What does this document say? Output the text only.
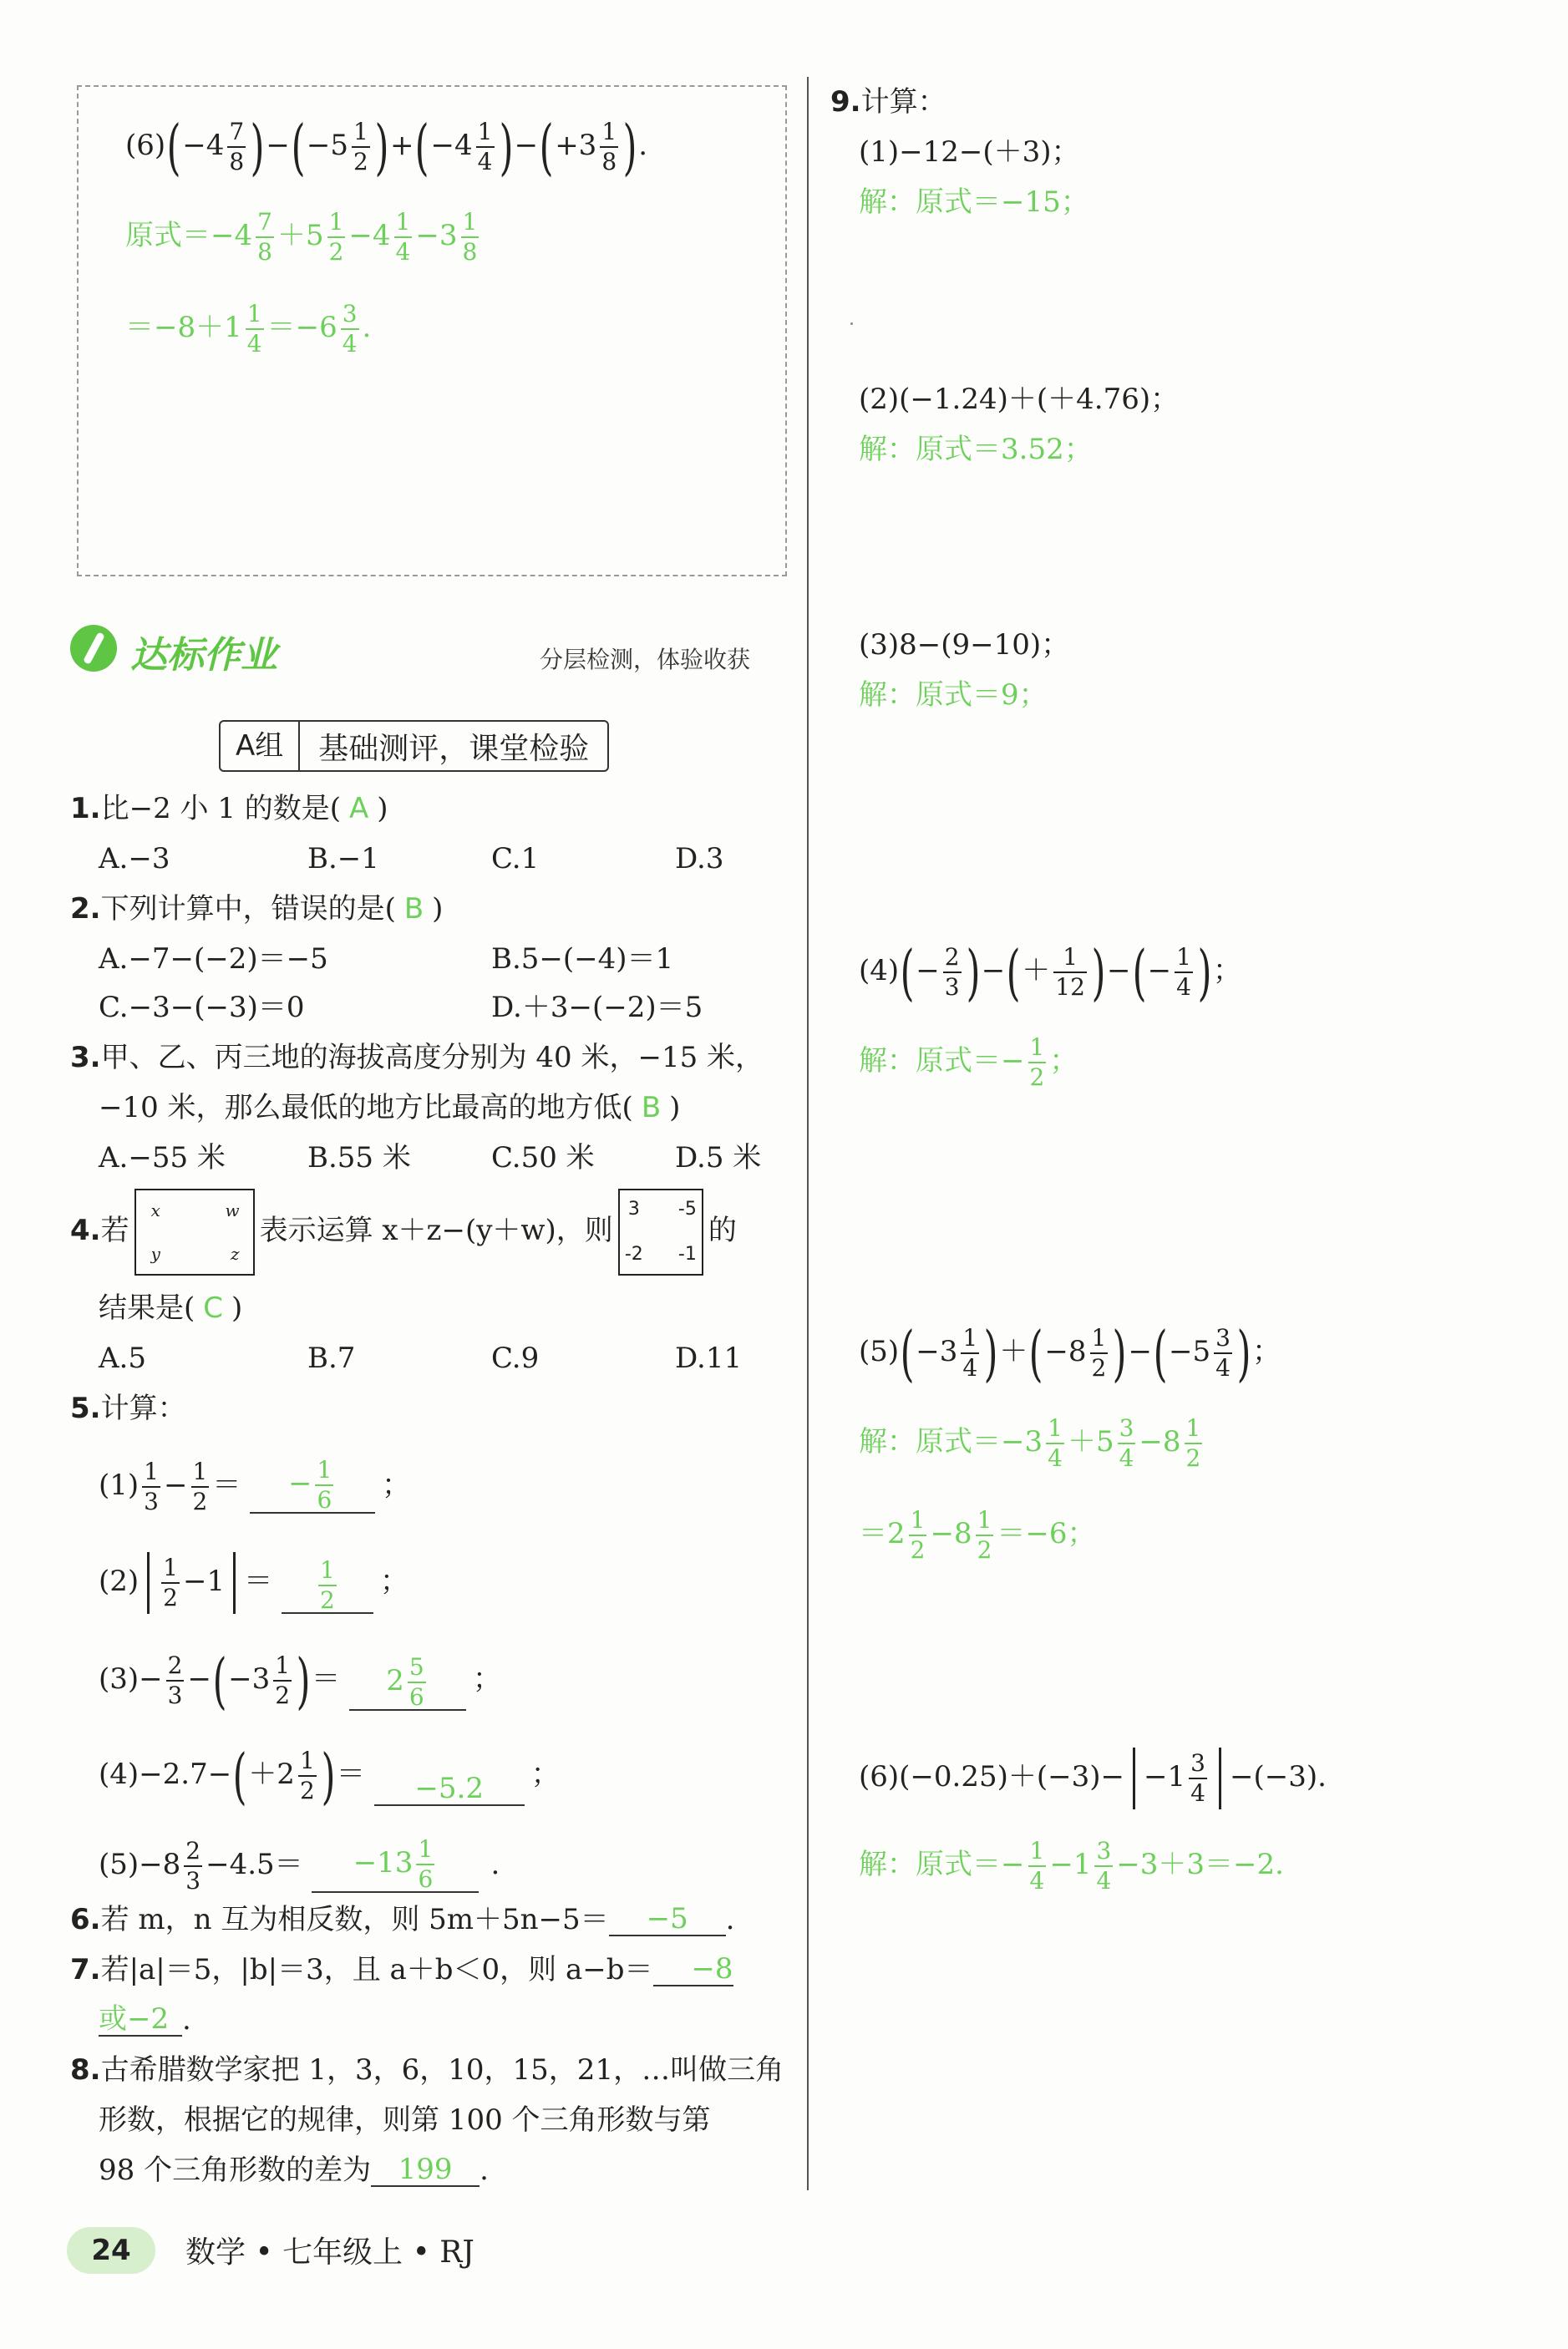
$(6)(-4 \frac{7}{8} )-(-5 \frac{1}{2} )+(-4 \frac{1}{4} )-(+3 \frac{1}{8}$ ).
原式$=-4 \frac{7}{8} +5 \frac{1}{2} -4 \frac{1}{4} -3 \frac{1}{8}$
$=-8+1 \frac{1}{4} =-6 \frac{3}{4}$ .
达标作业	分层检测，体验收获
A组	基础测评，课堂检验
1.比−2 小 1 的数是( A )
A.−3	B.−1	C.1	D.3
2.下列计算中，错误的是( B )
A.−7−(−2)＝−5	B.5−(−4)＝1
C.−3−(−3)＝0	D.＋3−(−2)＝5
3.甲、乙、丙三地的海拔高度分别为 40 米，−15 米，
−10 米，那么最低的地方比最高的地方低( B )
A.−55 米	B.55 米	C.50 米	D.5 米
4.若
x	w
y	z
表示运算 x＋z−(y＋w)，则
3 -5
-2 -1
的
结果是( C )
A.5	B.7	C.9	D.11
5.计算：
$(1) \frac{1}{3} - \frac{1}{2}$ ＝ − $\frac{1}{6}$ ；
$(2) \frac{1}{2} -1 = \frac{1}{2}$ ；
$(3)- \frac{2}{3} -(-3 \frac{1}{2}$ )＝ $2 \frac{5}{6}$ ；
$(4)-2.7-(+2 \frac{1}{2}$ )＝ −5.2 ；
$(5)-8 \frac{2}{3} -4.5= -13 \frac{1}{6}$ .
6.若 m，n 互为相反数，则 5m＋5n−5＝ −5 .
7.若|a|＝5，|b|＝3，且 a＋b＜0，则 a−b＝ −8
或−2 .
8.古希腊数学家把 1，3，6，10，15，21，…叫做三角
形数，根据它的规律，则第 100 个三角形数与第
98 个三角形数的差为 199 .
9.计算：
(1)−12−(＋3)；
解：原式＝−15；
(2)(−1.24)＋(＋4.76)；
解：原式＝3.52；
(3)8−(9−10)；
解：原式＝9；
$(4)(- \frac{2}{3}$ )−(＋ $\frac{1}{12}$ )−(− $\frac{1}{4}$ )；
解：原式＝− $\frac{1}{2}$ ；
$(5)(-3 \frac{1}{4} )+(-8 \frac{1}{2} )-(-5 \frac{3}{4}$ )；
解：原式$=-3 \frac{1}{4} +5 \frac{3}{4} -8 \frac{1}{2}$
$=2 \frac{1}{2} -8 \frac{1}{2} =-6$；
$(6)(-0.25)+(-3)- -1 \frac{3}{4} -(-3)$.
解：原式＝− $\frac{1}{4} -1 \frac{3}{4} -3+3=-2$.
24	数学 • 七年级上 • RJ
